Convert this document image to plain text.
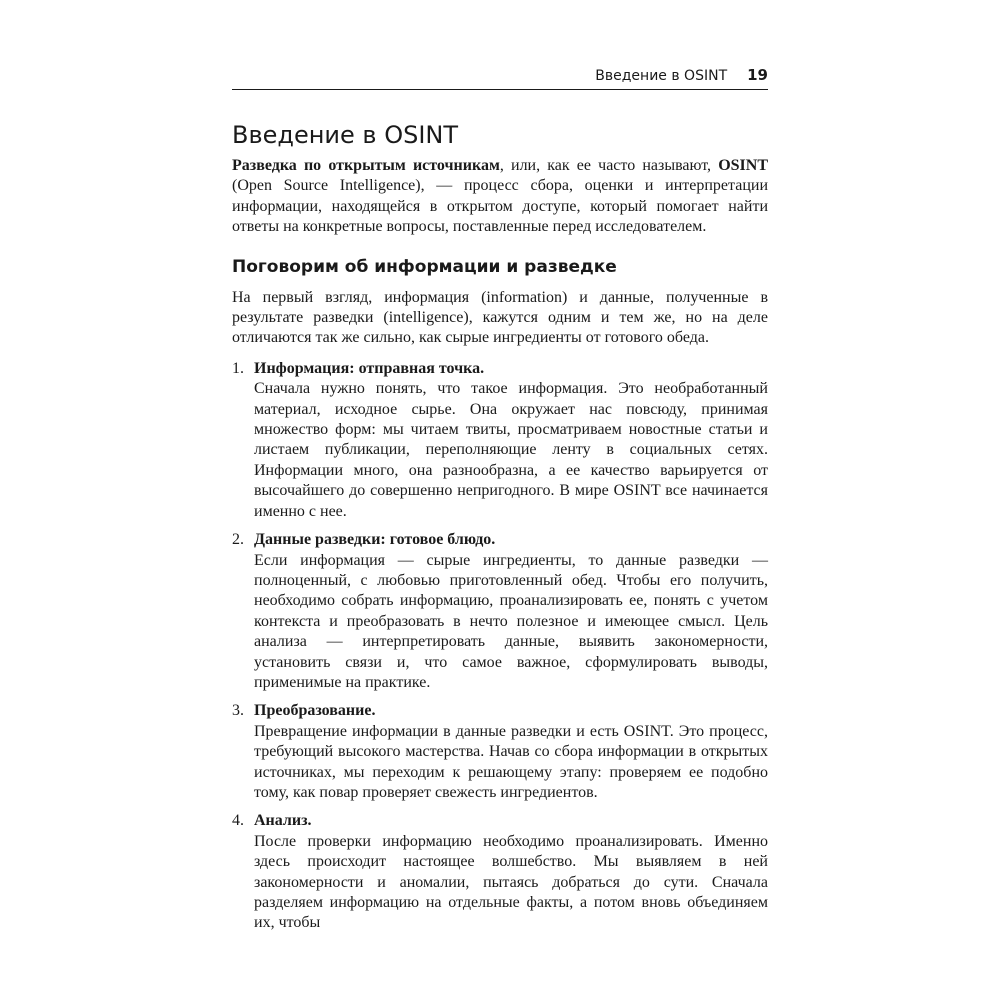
Введение в OSINT 19
Введение в OSINT

Разведка по открытым источникам, или, как ее часто называют, OSINT (Open Source Intelligence), — процесс сбора, оценки и интерпретации информации, находящейся в открытом доступе, который помогает найти ответы на конкретные вопросы, поставленные перед исследователем.

Поговорим об информации и разведке

На первый взгляд, информация (information) и данные, полученные в результате разведки (intelligence), кажутся одним и тем же, но на деле отличаются так же сильно, как сырые ингредиенты от готового обеда.

1. Информация: отправная точка.

Сначала нужно понять, что такое информация. Это необработанный материал, исходное сырье. Она окружает нас повсюду, принимая множество форм: мы читаем твиты, просматриваем новостные статьи и листаем публикации, переполняющие ленту в социальных сетях. Информации много, она разнообразна, а ее качество варьируется от высочайшего до совершенно непригодного. В мире OSINT все начинается именно с нее.

2. Данные разведки: готовое блюдо.

Если информация — сырые ингредиенты, то данные разведки — полноценный, с любовью приготовленный обед. Чтобы его получить, необходимо собрать информацию, проанализировать ее, понять с учетом контекста и преобразовать в нечто полезное и имеющее смысл. Цель анализа — интерпретировать данные, выявить закономерности, установить связи и, что самое важное, сформулировать выводы, применимые на практике.

3. Преобразование.

Превращение информации в данные разведки и есть OSINT. Это процесс, требующий высокого мастерства. Начав со сбора информации в открытых источниках, мы переходим к решающему этапу: проверяем ее подобно тому, как повар проверяет свежесть ингредиентов.

4. Анализ.

После проверки информацию необходимо проанализировать. Именно здесь происходит настоящее волшебство. Мы выявляем в ней закономерности и аномалии, пытаясь добраться до сути. Сначала разделяем информацию на отдельные факты, а потом вновь объединяем их, чтобы
